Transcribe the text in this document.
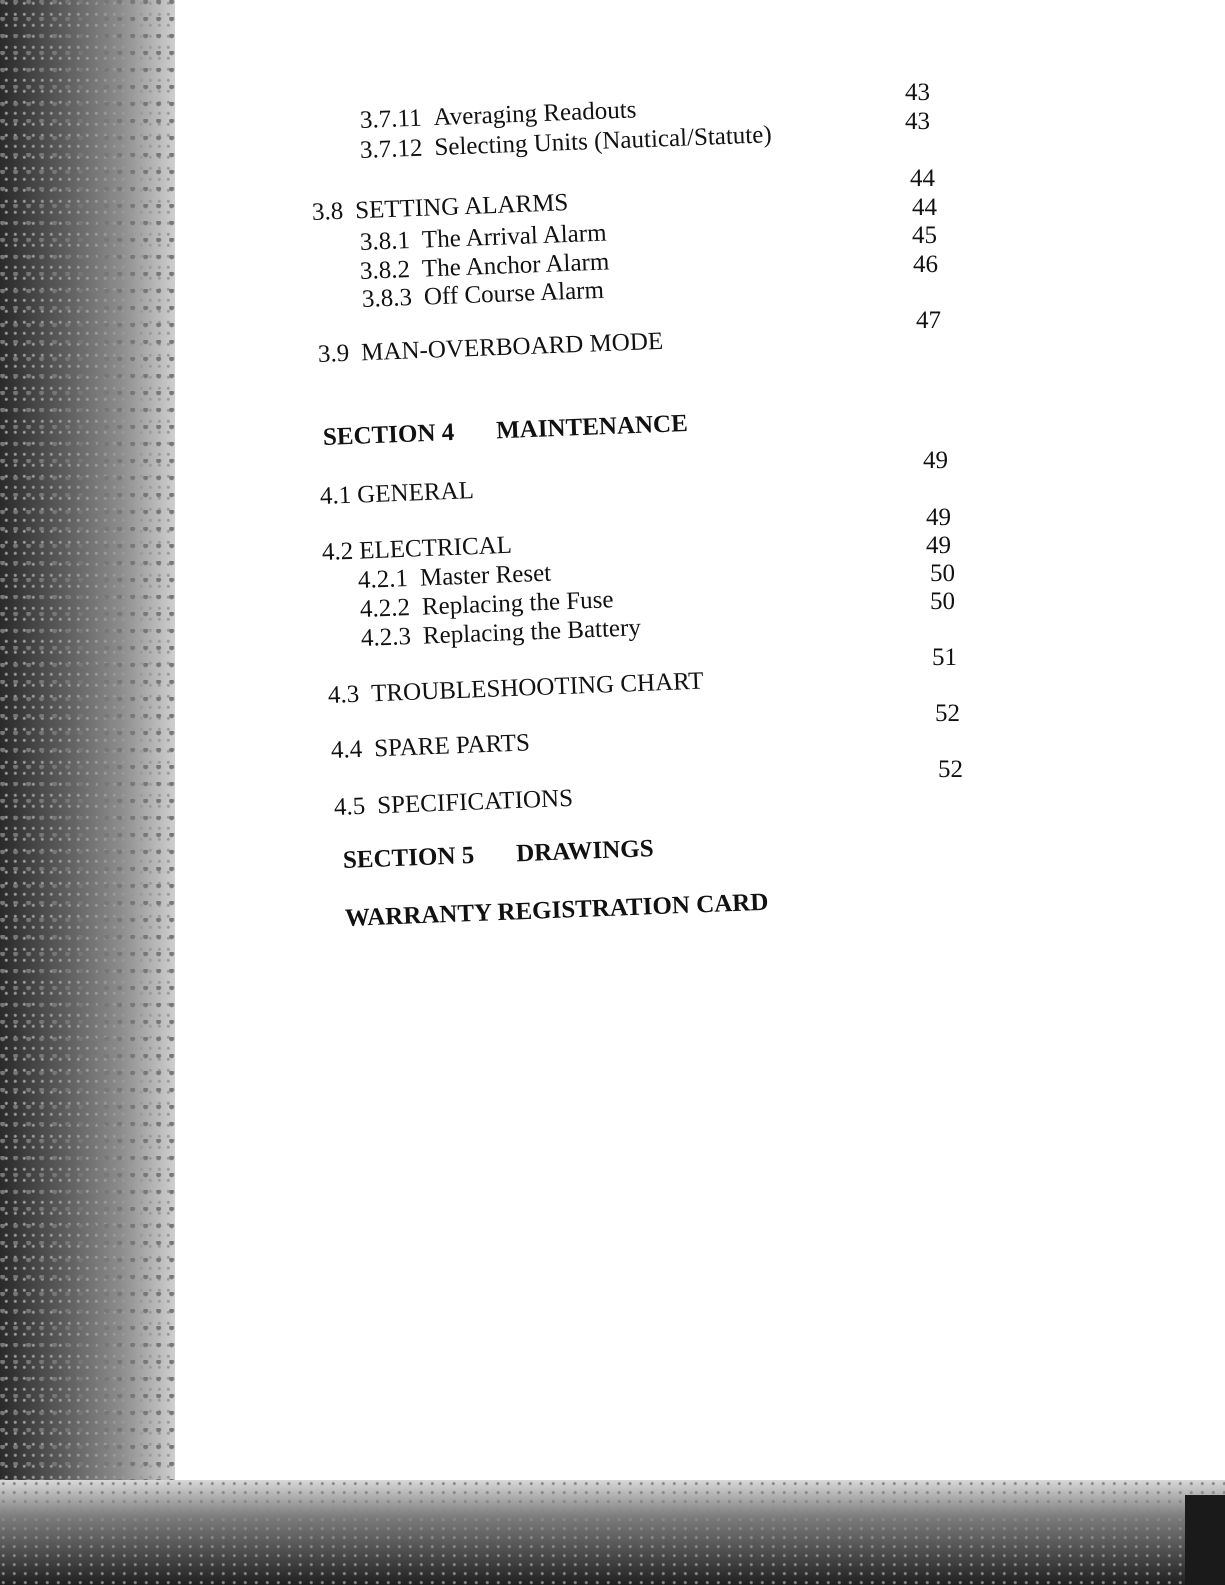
3.7.11 Averaging Readouts
43
3.7.12 Selecting Units (Nautical/Statute)	43
3.8 SETTING ALARMS
44
3.8.1 The Arrival Alarm
44
3.8.2 The Anchor Alarm
45
3.8.3 Off Course Alarm
46
3.9 MAN-OVERBOARD MODE
47
SECTION 4 MAINTENANCE
4.1 GENERAL
49
4.2 ELECTRICAL
49
4.2.1 Master Reset
49
4.2.2 Replacing the Fuse
50
4.2.3 Replacing the Battery
50
4.3 TROUBLESHOOTING CHART
51
4.4 SPARE PARTS
52
4.5 SPECIFICATIONS
52
SECTION 5 DRAWINGS
WARRANTY REGISTRATION CARD
